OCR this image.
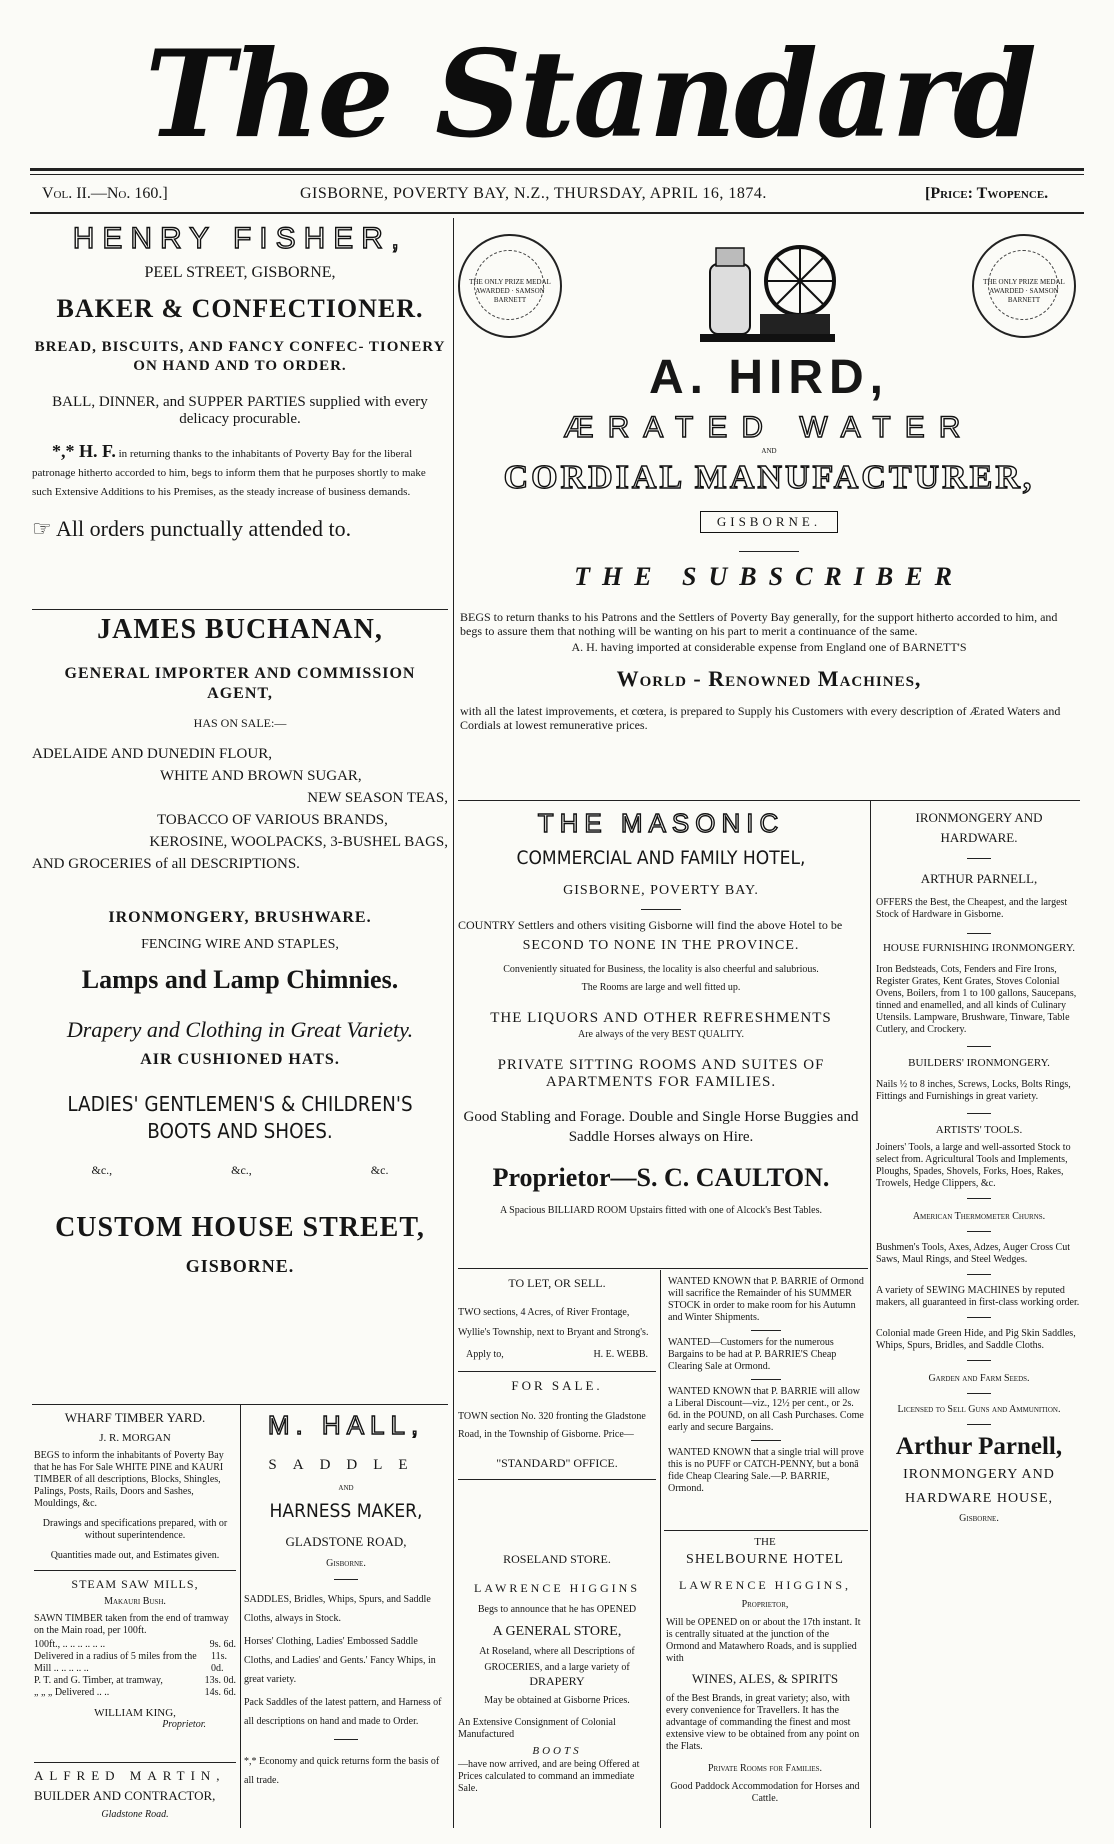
The Standard
Vol. II.—No. 160.]	GISBORNE, POVERTY BAY, N.Z., THURSDAY, APRIL 16, 1874.	[Price: Twopence.
HENRY FISHER,
PEEL STREET, GISBORNE,
BAKER & CONFECTIONER.
BREAD, BISCUITS, AND FANCY CONFEC- TIONERY ON HAND AND TO ORDER.
BALL, DINNER, and SUPPER PARTIES supplied with every delicacy procurable.
*,* H. F. in returning thanks to the inhabitants of Poverty Bay for the liberal patronage hitherto accorded to him, begs to inform them that he purposes shortly to make such Extensive Additions to his Premises, as the steady increase of business demands.
☞ All orders punctually attended to.
JAMES BUCHANAN,
GENERAL IMPORTER AND COMMISSION AGENT,
HAS ON SALE:—
ADELAIDE AND DUNEDIN FLOUR,
WHITE AND BROWN SUGAR,
NEW SEASON TEAS,
TOBACCO OF VARIOUS BRANDS,
KEROSINE, WOOLPACKS, 3-BUSHEL BAGS,
AND GROCERIES of all DESCRIPTIONS.
IRONMONGERY, BRUSHWARE.
FENCING WIRE AND STAPLES,
Lamps and Lamp Chimnies.
Drapery and Clothing in Great Variety.
AIR CUSHIONED HATS.
LADIES' GENTLEMEN'S & CHILDREN'S BOOTS AND SHOES.
&c.,	&c.,	&c.
CUSTOM HOUSE STREET,
GISBORNE.
WHARF TIMBER YARD.
J. R. MORGAN
BEGS to inform the inhabitants of Poverty Bay that he has For Sale WHITE PINE and KAURI TIMBER of all descriptions, Blocks, Shingles, Palings, Posts, Rails, Doors and Sashes, Mouldings, &c.
Drawings and specifications prepared, with or without superintendence.
Quantities made out, and Estimates given.
STEAM SAW MILLS,
Makauri Bush.
SAWN TIMBER taken from the end of tramway on the Main road, per 100ft.
100ft., .. .. .. .. .. ..	9s. 6d.
Delivered in a radius of 5 miles from the Mill .. .. .. .. ..
11s. 0d.
P. T. and G. Timber, at tramway,	13s. 0d.
„ „ „ Delivered .. ..	14s. 6d.
WILLIAM KING,
Proprietor.
ALFRED MARTIN,
BUILDER AND CONTRACTOR,
Gladstone Road.
M. HALL,
SADDLE
AND
HARNESS MAKER,
GLADSTONE ROAD,
Gisborne.
SADDLES, Bridles, Whips, Spurs, and Saddle Cloths, always in Stock.
Horses' Clothing, Ladies' Embossed Saddle Cloths, and Ladies' and Gents.' Fancy Whips, in great variety.
Pack Saddles of the latest pattern, and Harness of all descriptions on hand and made to Order.
*,* Economy and quick returns form the basis of all trade.
THE ONLY PRIZE MEDAL AWARDED · SAMSON BARNETT
THE ONLY PRIZE MEDAL AWARDED · SAMSON BARNETT
A. HIRD,
ÆRATED WATER
AND
CORDIAL MANUFACTURER,
GISBORNE.
THE SUBSCRIBER
BEGS to return thanks to his Patrons and the Settlers of Poverty Bay generally, for the support hitherto accorded to him, and begs to assure them that nothing will be wanting on his part to merit a continuance of the same.
A. H. having imported at considerable expense from England one of BARNETT'S
World - Renowned Machines,
with all the latest improvements, et cœtera, is prepared to Supply his Customers with every description of Ærated Waters and Cordials at lowest remunerative prices.
THE MASONIC
COMMERCIAL AND FAMILY HOTEL,
GISBORNE, POVERTY BAY.
COUNTRY Settlers and others visiting Gisborne will find the above Hotel to be
SECOND TO NONE IN THE PROVINCE.
Conveniently situated for Business, the locality is also cheerful and salubrious.
The Rooms are large and well fitted up.
THE LIQUORS AND OTHER REFRESHMENTS
Are always of the very BEST QUALITY.
PRIVATE SITTING ROOMS AND SUITES OF APARTMENTS FOR FAMILIES.
Good Stabling and Forage. Double and Single Horse Buggies and Saddle Horses always on Hire.
Proprietor—S. C. CAULTON.
A Spacious BILLIARD ROOM Upstairs fitted with one of Alcock's Best Tables.
TO LET, OR SELL.
TWO sections, 4 Acres, of River Frontage, Wyllie's Township, next to Bryant and Strong's.
Apply to,	H. E. WEBB.
FOR SALE.
TOWN section No. 320 fronting the Gladstone Road, in the Township of Gisborne. Price—
"STANDARD" OFFICE.
ROSELAND STORE.
LAWRENCE HIGGINS
Begs to announce that he has OPENED
A GENERAL STORE,
At Roseland, where all Descriptions of
GROCERIES, and a large variety of
DRAPERY
May be obtained at Gisborne Prices.
An Extensive Consignment of Colonial Manufactured
BOOTS
—have now arrived, and are being Offered at Prices calculated to command an immediate Sale.
WANTED KNOWN that P. BARRIE of Ormond will sacrifice the Remainder of his SUMMER STOCK in order to make room for his Autumn and Winter Shipments.
WANTED—Customers for the numerous Bargains to be had at P. BARRIE'S Cheap Clearing Sale at Ormond.
WANTED KNOWN that P. BARRIE will allow a Liberal Discount—viz., 12½ per cent., or 2s. 6d. in the POUND, on all Cash Purchases. Come early and secure Bargains.
WANTED KNOWN that a single trial will prove this is no PUFF or CATCH-PENNY, but a bonâ fide Cheap Clearing Sale.—P. BARRIE, Ormond.
THE
SHELBOURNE HOTEL
LAWRENCE HIGGINS,
Proprietor,
Will be OPENED on or about the 17th instant. It is centrally situated at the junction of the Ormond and Matawhero Roads, and is supplied with
WINES, ALES, & SPIRITS
of the Best Brands, in great variety; also, with every convenience for Travellers. It has the advantage of commanding the finest and most extensive view to be obtained from any point on the Flats.
Private Rooms for Families.
Good Paddock Accommodation for Horses and Cattle.
IRONMONGERY AND HARDWARE.
ARTHUR PARNELL,
OFFERS the Best, the Cheapest, and the largest Stock of Hardware in Gisborne.
HOUSE FURNISHING IRONMONGERY.
Iron Bedsteads, Cots, Fenders and Fire Irons, Register Grates, Kent Grates, Stoves Colonial Ovens, Boilers, from 1 to 100 gallons, Saucepans, tinned and enamelled, and all kinds of Culinary Utensils. Lampware, Brushware, Tinware, Table Cutlery, and Crockery.
BUILDERS' IRONMONGERY.
Nails ½ to 8 inches, Screws, Locks, Bolts Rings, Fittings and Furnishings in great variety.
ARTISTS' TOOLS.
Joiners' Tools, a large and well-assorted Stock to select from. Agricultural Tools and Implements, Ploughs, Spades, Shovels, Forks, Hoes, Rakes, Trowels, Hedge Clippers, &c.
American Thermometer Churns.
Bushmen's Tools, Axes, Adzes, Auger Cross Cut Saws, Maul Rings, and Steel Wedges.
A variety of SEWING MACHINES by reputed makers, all guaranteed in first-class working order.
Colonial made Green Hide, and Pig Skin Saddles, Whips, Spurs, Bridles, and Saddle Cloths.
Garden and Farm Seeds.
Licensed to Sell Guns and Ammunition.
Arthur Parnell,
IRONMONGERY AND
HARDWARE HOUSE,
Gisborne.
